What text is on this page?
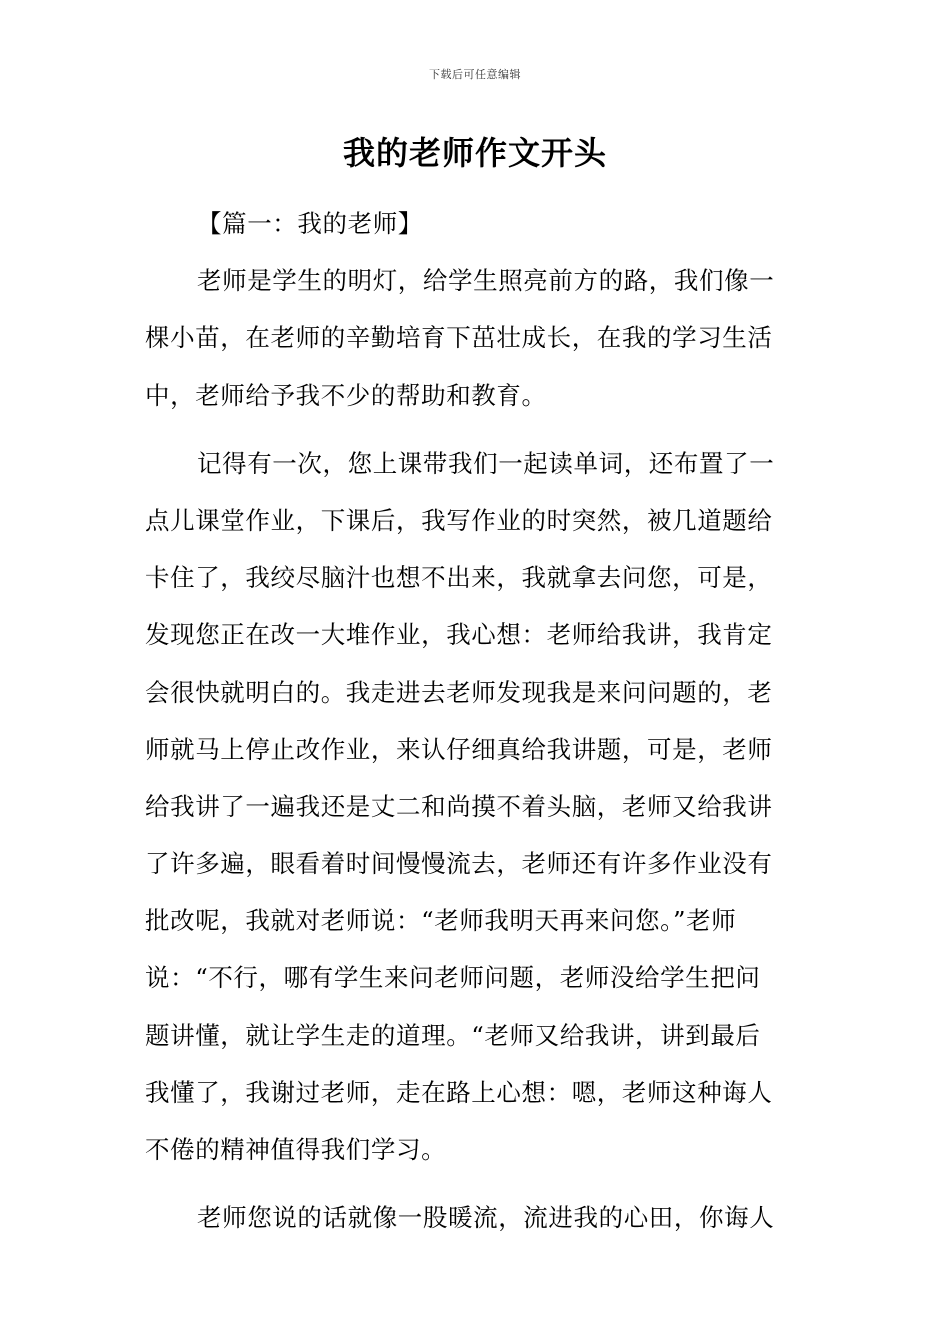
下载后可任意编辑
我的老师作文开头
【篇一：我的老师】
老师是学生的明灯，给学生照亮前方的路，我们像一
棵小苗，在老师的辛勤培育下茁壮成长，在我的学习生活
中，老师给予我不少的帮助和教育。
记得有一次，您上课带我们一起读单词，还布置了一
点儿课堂作业，下课后，我写作业的时突然，被几道题给
卡住了，我绞尽脑汁也想不出来，我就拿去问您，可是，
发现您正在改一大堆作业，我心想：老师给我讲，我肯定
会很快就明白的。我走进去老师发现我是来问问题的，老
师就马上停止改作业，来认仔细真给我讲题，可是，老师
给我讲了一遍我还是丈二和尚摸不着头脑，老师又给我讲
了许多遍，眼看着时间慢慢流去，老师还有许多作业没有
批改呢，我就对老师说：“老师我明天再来问您。”老师
说：“不行，哪有学生来问老师问题，老师没给学生把问
题讲懂，就让学生走的道理。“老师又给我讲，讲到最后
我懂了，我谢过老师，走在路上心想：嗯，老师这种诲人
不倦的精神值得我们学习。
老师您说的话就像一股暖流，流进我的心田，你诲人
